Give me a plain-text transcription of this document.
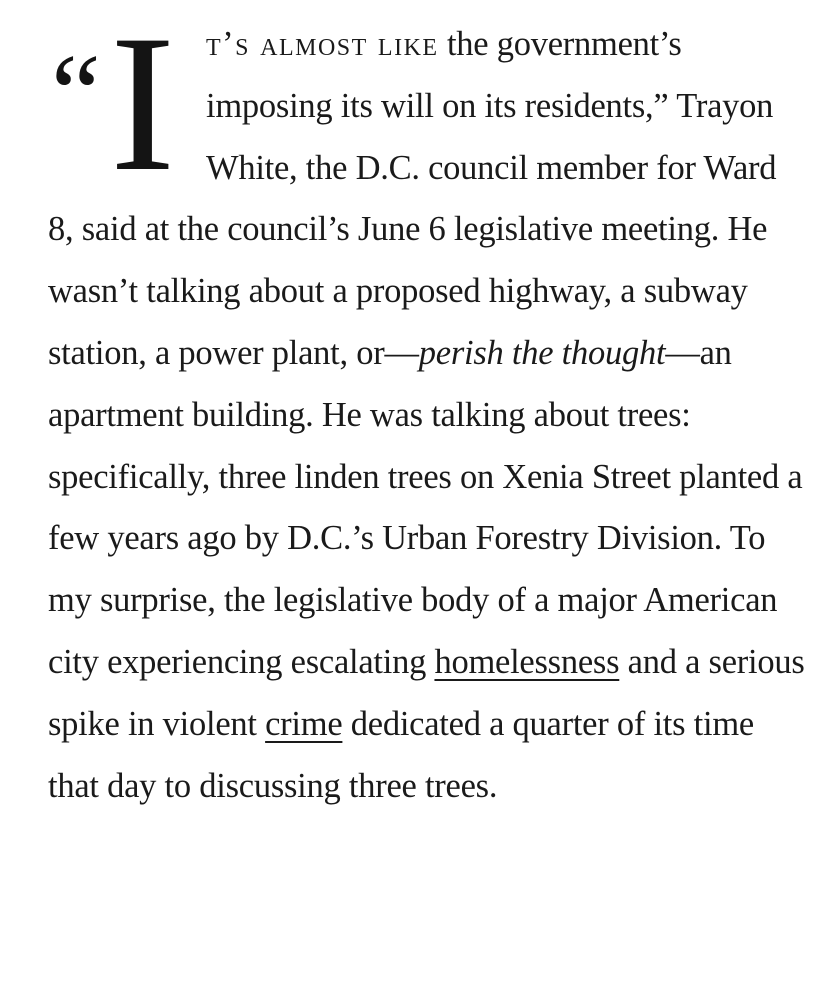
“ I t’s almost like the government’s imposing its will on its residents,” Trayon White, the D.C. council member for Ward 8, said at the council’s June 6 legislative meeting. He wasn’t talking about a proposed highway, a subway station, a power plant, or—perish the thought—an apartment building. He was talking about trees: specifically, three linden trees on Xenia Street planted a few years ago by D.C.’s Urban Forestry Division. To my surprise, the legislative body of a major American city experiencing escalating homelessness and a serious spike in violent crime dedicated a quarter of its time that day to discussing three trees.
